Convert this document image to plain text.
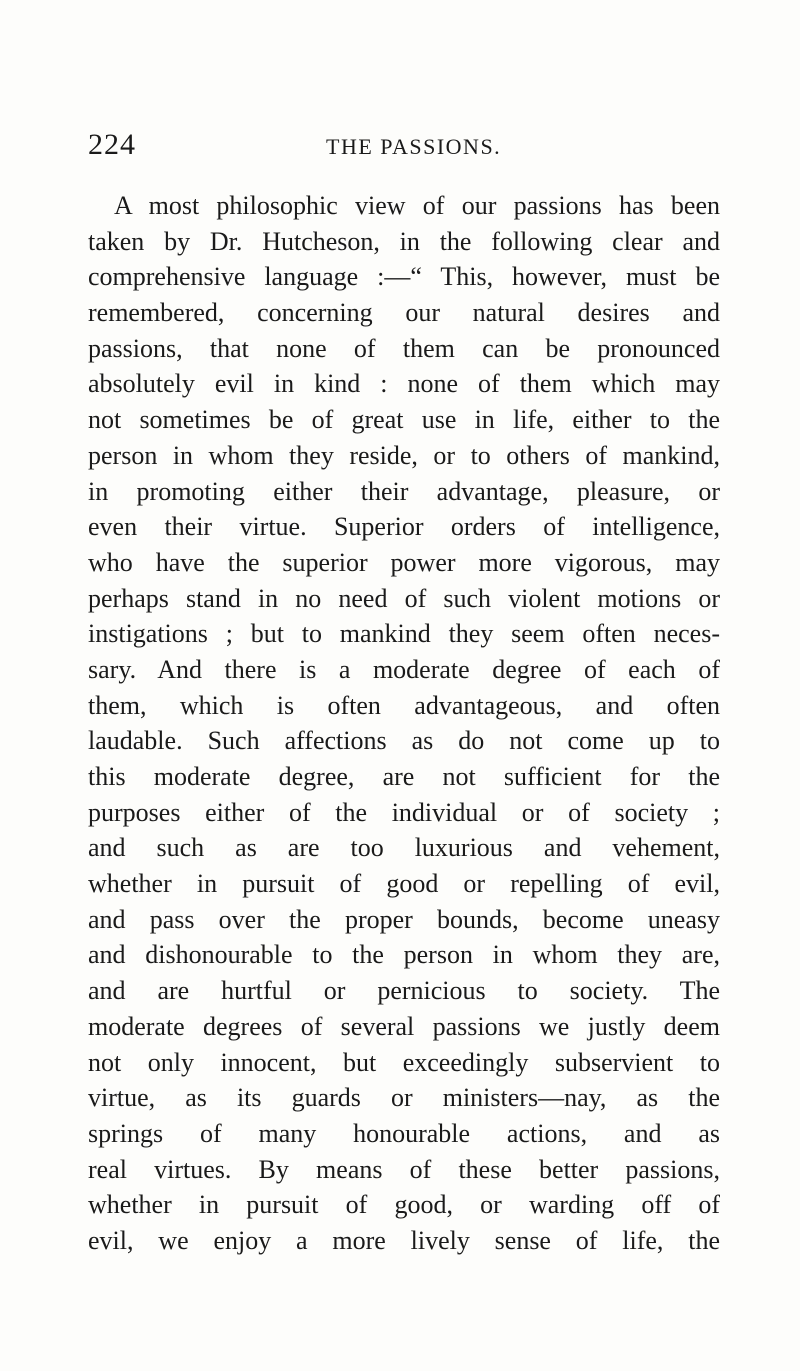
224	THE PASSIONS.
A most philosophic view of our passions has been
taken by Dr. Hutcheson, in the following clear and
comprehensive language :—“ This, however, must be
remembered, concerning our natural desires and
passions, that none of them can be pronounced
absolutely evil in kind : none of them which may
not sometimes be of great use in life, either to the
person in whom they reside, or to others of mankind,
in promoting either their advantage, pleasure, or
even their virtue. Superior orders of intelligence,
who have the superior power more vigorous, may
perhaps stand in no need of such violent motions or
instigations ; but to mankind they seem often neces-
sary. And there is a moderate degree of each of
them, which is often advantageous, and often
laudable. Such affections as do not come up to
this moderate degree, are not sufficient for the
purposes either of the individual or of society ;
and such as are too luxurious and vehement,
whether in pursuit of good or repelling of evil,
and pass over the proper bounds, become uneasy
and dishonourable to the person in whom they are,
and are hurtful or pernicious to society. The
moderate degrees of several passions we justly deem
not only innocent, but exceedingly subservient to
virtue, as its guards or ministers—nay, as the
springs of many honourable actions, and as
real virtues. By means of these better passions,
whether in pursuit of good, or warding off of
evil, we enjoy a more lively sense of life, the
